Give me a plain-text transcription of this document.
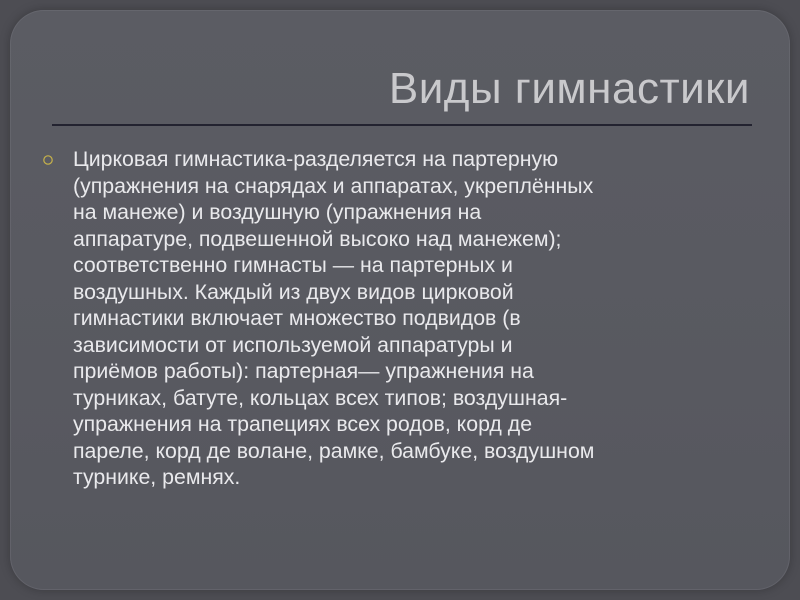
Виды гимнастики

Цирковая гимнастика-разделяется на партерную
(упражнения на снарядах и аппаратах, укреплённых
на манеже) и воздушную (упражнения на
аппаратуре, подвешенной высоко над манежем);
соответственно гимнасты — на партерных и
воздушных. Каждый из двух видов цирковой
гимнастики включает множество подвидов (в
зависимости от используемой аппаратуры и
приёмов работы): партерная— упражнения на
турниках, батуте, кольцах всех типов; воздушная-
упражнения на трапециях всех родов, корд де
пареле, корд де волане, рамке, бамбуке, воздушном
турнике, ремнях.
